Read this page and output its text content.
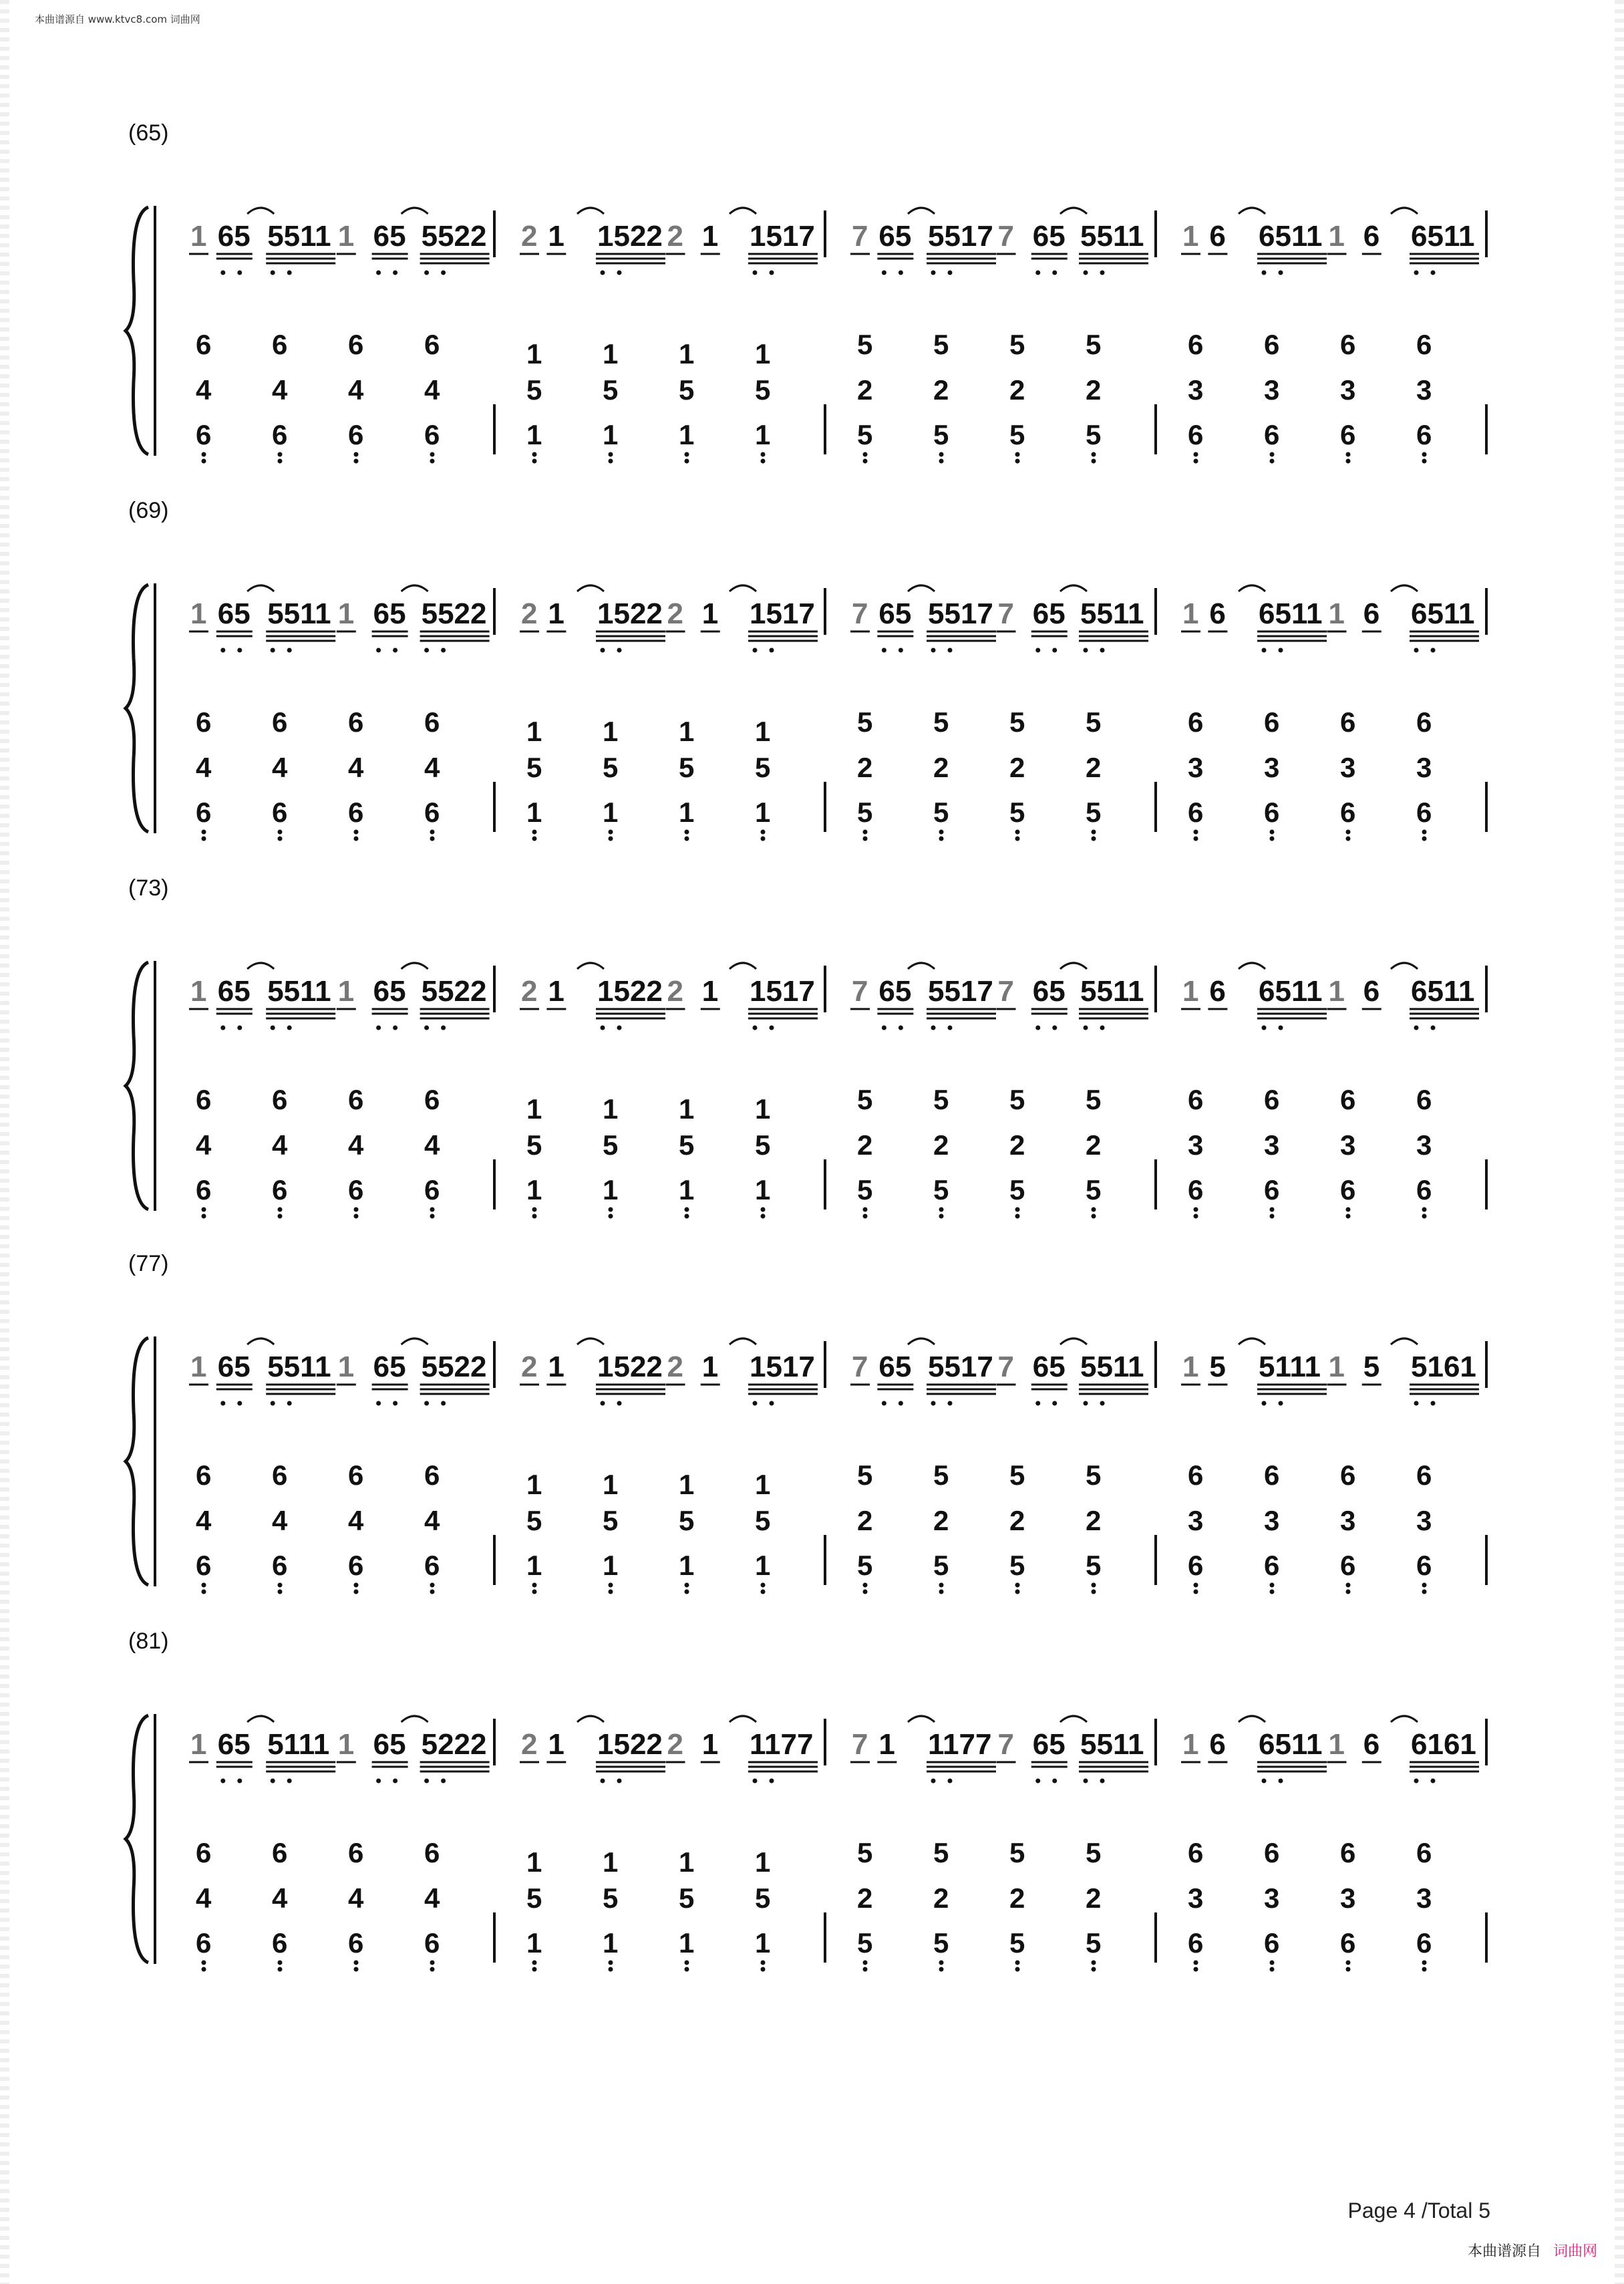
本曲谱源自 www.ktvc8.com 词曲网
(65)
1 65 5511 1 65 5522 2 1 1522 2 1 1517 7 65 5517 7 65 5511 1 6 6511 1 6 6511
6
4
6
6
4
6
6
4
6
6
4
6
1
5
1
1
5
1
1
5
1
1
5
1
5
2
5
5
2
5
5
2
5
5
2
5
6
3
6
6
3
6
6
3
6
6
3
6
(69)
1 65 5511 1 65 5522 2 1 1522 2 1 1517 7 65 5517 7 65 5511 1 6 6511 1 6 6511
6
4
6
6
4
6
6
4
6
6
4
6
1
5
1
1
5
1
1
5
1
1
5
1
5
2
5
5
2
5
5
2
5
5
2
5
6
3
6
6
3
6
6
3
6
6
3
6
(73)
1 65 5511 1 65 5522 2 1 1522 2 1 1517 7 65 5517 7 65 5511 1 6 6511 1 6 6511
6
4
6
6
4
6
6
4
6
6
4
6
1
5
1
1
5
1
1
5
1
1
5
1
5
2
5
5
2
5
5
2
5
5
2
5
6
3
6
6
3
6
6
3
6
6
3
6
(77)
1 65 5511 1 65 5522 2 1 1522 2 1 1517 7 65 5517 7 65 5511 1 5 5111 1 5 5161
6
4
6
6
4
6
6
4
6
6
4
6
1
5
1
1
5
1
1
5
1
1
5
1
5
2
5
5
2
5
5
2
5
5
2
5
6
3
6
6
3
6
6
3
6
6
3
6
(81)
1 65 5111 1 65 5222 2 1 1522 2 1 1177 7 1 1177 7 65 5511 1 6 6511 1 6 6161
6
4
6
6
4
6
6
4
6
6
4
6
1
5
1
1
5
1
1
5
1
1
5
1
5
2
5
5
2
5
5
2
5
5
2
5
6
3
6
6
3
6
6
3
6
6
3
6
Page 4 /Total 5
本曲谱源自 词曲网
